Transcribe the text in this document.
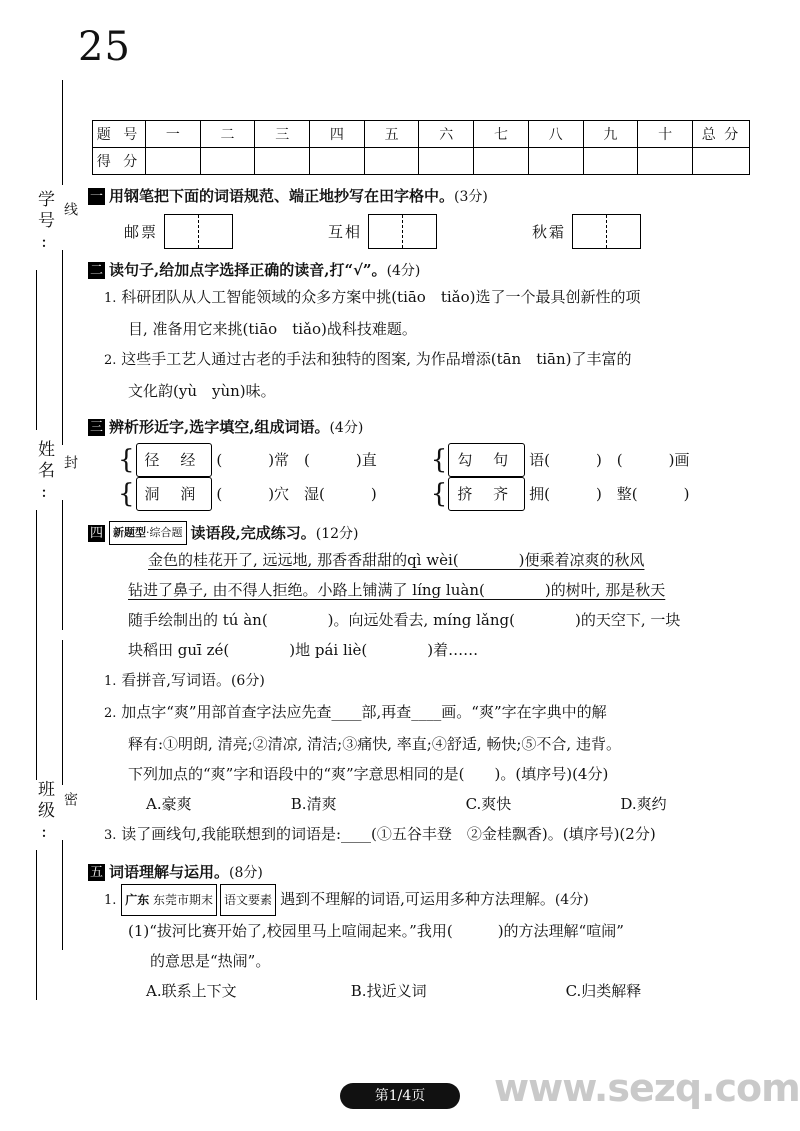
25
学号: 线
姓名: 封
班级: 密
题 号	一	二	三	四	五	六	七	八	九	十	总 分
得 分											
一 用钢笔把下面的词语规范、端正地抄写在田字格中。(3分)
邮票	互相	秋霜
二 读句子,给加点字选择正确的读音,打“√”。(4分)
1. 科研团队从人工智能领域的众多方案中挑(tiāo　tiǎo)选了一个最具创新性的项
目, 准备用它来挑(tiāo　tiǎo)战科技难题。
2. 这些手工艺人通过古老的手法和独特的图案, 为作品增添(tān　tiān)了丰富的
文化韵(yù　yùn)味。
三 辨析形近字,选字填空,组成词语。(4分)
{ 径 经 (	)常　(	)直 { 勾 句 语(	)　(	)画
{ 洞 润 (	)穴　湿(	) { 挤 齐 拥(	)　整(	)
四 新题型·综合题 读语段,完成练习。(12分)
金色的桂花开了, 远远地, 那香香甜甜的qì wèi(　　　　)便乘着凉爽的秋风
钻进了鼻子, 由不得人拒绝。小路上铺满了 líng luàn(　　　　)的树叶, 那是秋天
随手绘制出的 tú àn(　　　　)。向远处看去, míng lǎng(　　　　)的天空下, 一块
块稻田 guī zé(　　　　)地 pái liè(　　　　)着……
1. 看拼音,写词语。(6分)
2. 加点字“爽”用部首查字法应先查____部,再查____画。“爽”字在字典中的解
释有:①明朗, 清亮;②清凉, 清洁;③痛快, 率直;④舒适, 畅快;⑤不合, 违背。
下列加点的“爽”字和语段中的“爽”字意思相同的是(　　)。(填序号)(4分)
A.豪爽	B.清爽	C.爽快	D.爽约
3. 读了画线句,我能联想到的词语是:____(①五谷丰登　②金桂飘香)。(填序号)(2分)
五 词语理解与运用。(8分)
1. 广东 东莞市期末 语文要素 遇到不理解的词语,可运用多种方法理解。(4分)
(1)“拔河比赛开始了,校园里马上喧闹起来。”我用(　　　)的方法理解“喧闹”
的意思是“热闹”。
A.联系上下文	B.找近义词	C.归类解释
第1/4页	www.sezq.com
